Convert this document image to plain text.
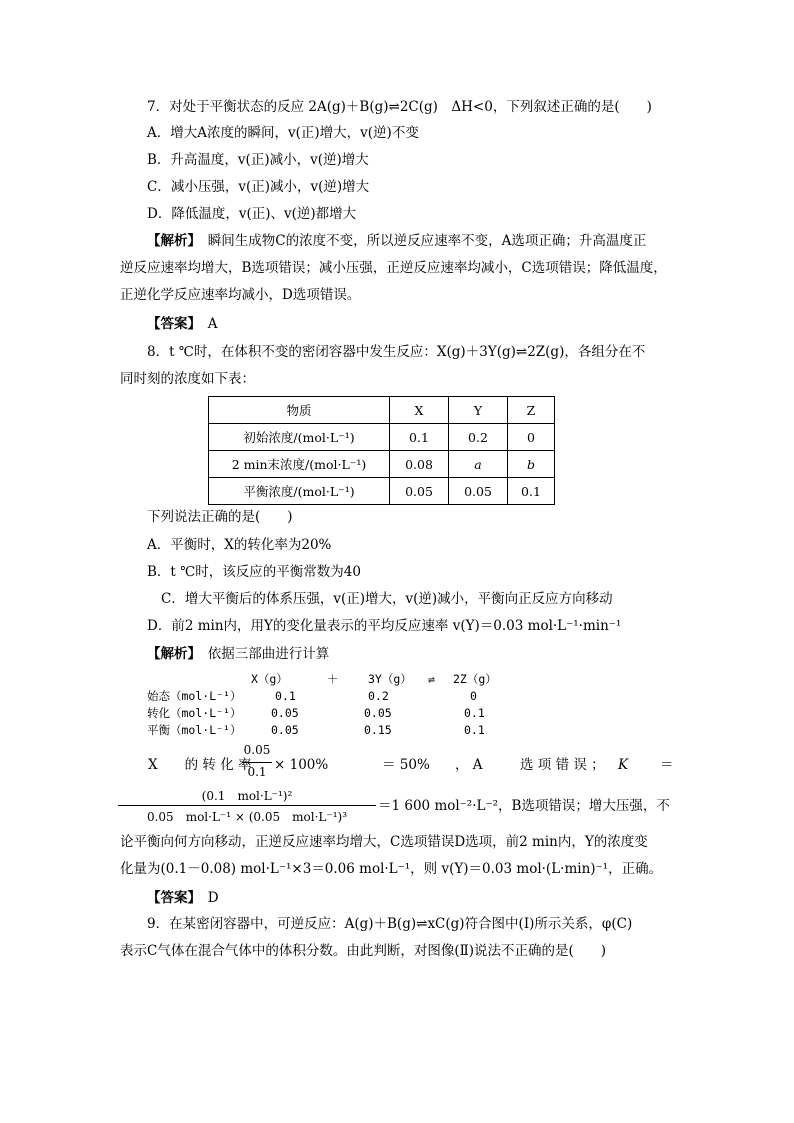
7．对处于平衡状态的反应 2A(g)＋B(g)⇌2C(g)　ΔH<0，下列叙述正确的是(　　)
A．增大A浓度的瞬间，v(正)增大，v(逆)不变
B．升高温度，v(正)减小，v(逆)增大
C．减小压强，v(正)减小，v(逆)增大
D．降低温度，v(正)、v(逆)都增大
【解析】　 瞬间生成物C的浓度不变，所以逆反应速率不变，A选项正确；升高温度正
逆反应速率均增大，B选项错误；减小压强，正逆反应速率均减小，C选项错误；降低温度，
正逆化学反应速率均减小，D选项错误。
【答案】　 A
8．t ℃时，在体积不变的密闭容器中发生反应：X(g)＋3Y(g)⇌2Z(g)，各组分在不
同时刻的浓度如下表：
物质	X	Y	Z
初始浓度/(mol·L⁻¹)	0.1	0.2	0
2 min末浓度/(mol·L⁻¹)	0.08	a	b
平衡浓度/(mol·L⁻¹)	0.05	0.05	0.1
下列说法正确的是(　　)
A．平衡时，X的转化率为20%
B．t ℃时，该反应的平衡常数为40
C．增大平衡后的体系压强，v(正)增大，v(逆)减小，平衡向正反应方向移动
D．前2 min内，用Y的变化量表示的平均反应速率 v(Y)＝0.03 mol·L⁻¹·min⁻¹
【解析】　 依据三部曲进行计算
X（g）	＋	3Y（g） ⇌ 2Z（g）
始态（mol·L⁻¹）	0.1	0.2	0
转化（mol·L⁻¹）	0.05	0.05	0.1
平衡（mol·L⁻¹）	0.05	0.15	0.1
X　　的 转 化 率
0.05
0.1 × 100%	＝ 50% ， A	选 项 错 误 ； K ＝
(0.1　mol·L⁻¹)²
0.05　mol·L⁻¹ × (0.05　mol·L⁻¹)³
＝1 600 mol⁻²·L⁻²，B选项错误；增大压强，不
论平衡向何方向移动，正逆反应速率均增大，C选项错误D选项，前2 min内，Y的浓度变
化量为(0.1－0.08) mol·L⁻¹×3＝0.06 mol·L⁻¹，则 v(Y)＝0.03 mol·(L·min)⁻¹，正确。
【答案】　 D
9．在某密闭容器中，可逆反应：A(g)＋B(g)⇌xC(g)符合图中(Ⅰ)所示关系，φ(C)
表示C气体在混合气体中的体积分数。由此判断，对图像(Ⅱ)说法不正确的是(　　)
